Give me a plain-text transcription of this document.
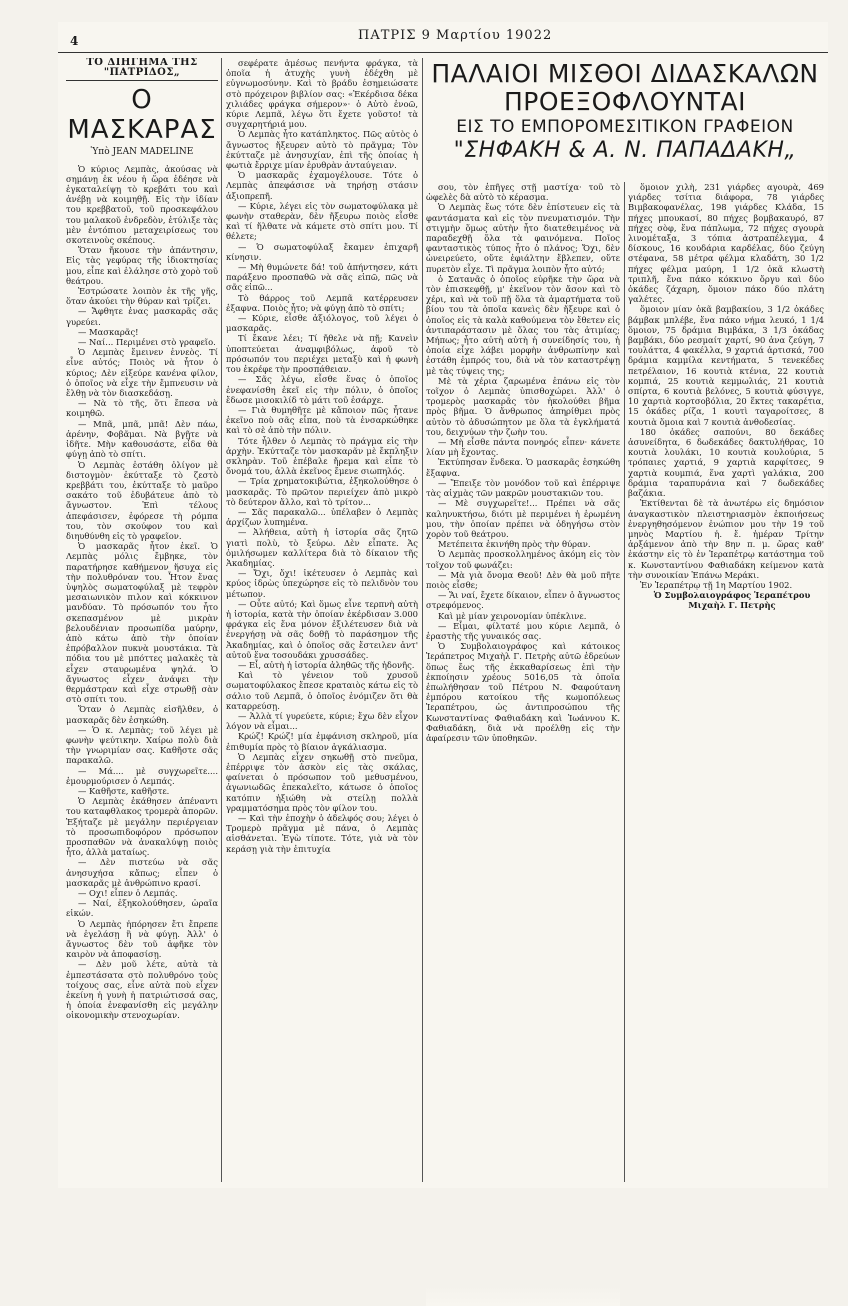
4	ΠΑΤΡΙΣ 9 Μαρτίου 19022
ΤΟ ΔΙΗΓΗΜΑ ΤΗΣ "ΠΑΤΡΙΔΟΣ„
Ο ΜΑΣΚΑΡΑΣ
Ὑπὸ JEAN MADELINE

Ὁ κύριος Λεμπὰς, ἀκούσας νὰ σημάνῃ ἐκ νέου ἡ ὥρα ἐδέησε νὰ ἐγκαταλείψῃ τὸ κρεβάτι του καὶ ἀνέβῃ νὰ κοιμηθῇ. Εἰς τὴν ἰδίαν του κρεββατοῦ, τοῦ προσκεφάλου του μαλακοῦ ἐνδρεδὸν, ἐτύλιξε τὰς μὲν ἐντόπιου μεταχειρίσεως του σκοτεινοὺς σκέπους.

Ὅταν ἤκουσε τὴν ἀπάντησιν, Εἰς τὰς γεφύρας τῆς ἰδιοκτησίας μου, εἶπε καὶ ἐλάλησε στὸ χορὸ τοῦ θεάτρου.

Ἐστρώσατε λοιπὸν ἐκ τῆς γῆς, ὅταν ἀκούει τὴν θύραν καὶ τρίζει.

— Ἄφθητε ἐνας μασκαρᾶς σᾶς γυρεύει.

— Μασκαρᾶς!

— Ναί... Περιμένει στὸ γραφεῖο.

Ὁ Λεμπὰς ἔμεινεν ἐννεὸς. Τί εἶνε αὐτός; Ποιὸς νὰ ἦτον ὁ κύριος; Δὲν εἰξεύρε κανένα φίλον, ὁ ὁποῖος νὰ εἶχε τὴν ἔμπνευσιν νὰ ἔλθῃ νὰ τὸν διασκεδάσῃ.

— Νὰ τὸ τῆς, ὅτι ἔπεσα νὰ κοιμηθῶ.

— Μπᾶ, μπᾶ, μπᾶ! Δὲν πάω, ἀρένην, Φοβᾶμαι. Νὰ βγῇτε νὰ ἰδῆτε. Μὴν καθουσάστε, εἶδα θὰ φύγῃ ἀπὸ τὸ σπίτι.

Ὁ Λεμπὰς ἐστάθη ὀλίγον μὲ διστογμὸν· ἐκύτταξε τὸ ζεστὸ κρεββάτι του, ἐκύτταξε τὸ μαῦρο σακάτο τοῦ ἐδυβάτευε ἀπὸ τὸ ἄγνωστον. Ἐπὶ τέλους ἀπεφάσισεν, ἐφόρεσε τὴ ρόμπα του, τὸν σκούφον του καὶ διηυθύνθη εἰς τὸ γραφεῖον.

Ὁ μασκαρᾶς ἦτον ἐκεῖ. Ὁ Λεμπὰς μόλις ἔμβηκε, τὸν παρατήρησε καθήμενον ἥσυχα εἰς τὴν πολυθρόναν του. Ἦτον ἔνας ὑψηλὸς σωματοφύλαξ μὲ τεφρὸν μεσαιωνικὸν πιλον καὶ κόκκινον μανδύαν. Τὸ πρόσωπόν του ἦτο σκεπασμένον μὲ μικρὰν βελουδένιαν προσωπίδα μαύρην, ἀπὸ κάτω ἀπὸ τὴν ὁποίαν ἐπρόβαλλον πυκνὰ μουστάκια. Τὰ πόδια του μὲ μπόττες μαλακὲς τὰ εἶχεν σταυρωμένα ψηλά. Ὁ ἄγνωστος εἶχεν ἀνάψει τὴν θερμάστραν καὶ εἶχε στρωθῇ σὰν στὸ σπίτι του.

Ὅταν ὁ Λεμπὰς εἰσῆλθεν, ὁ μασκαρᾶς δὲν ἐσηκώθη.

— Ὁ κ. Λεμπὰς; τοῦ λέγει μὲ φωνὴν ψεύτικην. Χαίρω πολὺ διὰ τὴν γνωριμίαν σας. Καθῆστε σᾶς παρακαλῶ.

— Μά.... μὲ συγχωρεῖτε.... ἐμουρμούρισεν ὁ Λεμπάς.

— Καθῆστε, καθῆστε.

Ὁ Λεμπὰς ἐκάθησεν ἀπέναντι του καταφθλακος τρομερὰ ἀπορῶν. Ἐξήταζε μὲ μεγάλην περιέργειαν τὸ προσωπιδοφόρον πρόσωπον προσπαθῶν νὰ ἀνακαλύψῃ ποιὸς ἦτο, ἀλλὰ ματαίως.

— Δὲν πιστεύω νὰ σᾶς ἀνησυχήσα κἄπως; εἶπεν ὁ μασκαρᾶς μὲ ἀνθρώπινο κρασί.

— Οχι! εἶπεν ὁ Λεμπάς.

— Ναί, ἐξηκολούθησεν, ὡραῖα εἰκών.

Ὁ Λεμπὰς ἠπόρησεν ἔτι ἔπρεπε νὰ ἐγελάσῃ ἢ νὰ φύγῃ. Ἀλλ' ὁ ἄγνωστος δὲν τοῦ ἀφῆκε τὸν καιρὸν νὰ ἀποφασίσῃ.

— Δὲν μοῦ λέτε, αὐτὰ τὰ ἐμπεστάσατα στὸ πολυθρόνο τοὺς τοίχους σας, εἶνε αὐτὰ ποὺ εἶχεν ἐκείνη ἡ γυνὴ ἡ πατριώτισσά σας, ἡ ὁποία ἐνεφανίσθη εἰς μεγάλην οἰκονομικὴν στενοχωρίαν.

σεφέρατε ἀμέσως πενήντα φράγκα, τὰ ὁποῖα ἡ ἀτυχὴς γυνὴ ἐδέχθη μὲ εὐγνωμοσύνην. Καὶ τὸ βράδυ ἐσημειώσατε στὸ πρόχειρον βιβλίον σας: «Ἐκέρδισα δέκα χιλιάδες φράγκα σήμερον»· ὁ Αὐτὸ ἐνοῶ, κύριε Λεμπᾶ, λέγω ὅτι ἔχετε γοῦστο! τὰ συγχαρητήριά μου.

Ὁ Λεμπὰς ἦτο κατάπληκτος. Πῶς αὐτὸς ὁ ἄγνωστος ἤξευρεν αὐτὸ τὸ πρᾶγμα; Τὸν ἐκύτταζε μὲ ἀνησυχίαν, ἐπὶ τῆς ὁποίας ἡ φωτιὰ ἔρριχε μίαν ἐρυθρὰν ἀνταύγειαν.

Ὁ μασκαρᾶς ἐχαμογέλουσε. Τότε ὁ Λεμπὰς ἀπεφάσισε νὰ τηρήσῃ στάσιν ἀξιοπρεπῆ.

— Κύριε, λέγει εἰς τὸν σωματοφύλακα μὲ φωνὴν σταθερὰν, δὲν ἤξευρω ποιὸς εἶσθε καὶ τί ἤλθατε νὰ κάμετε στὸ σπίτι μου. Τί θέλετε;

— Ὁ σωματοφύλαξ ἔκαμεν ἐπιχαρῆ κίνησιν.

— Μὴ θυμώνετε δά! τοῦ ἀπήντησεν, κάτι παράξενο προσπαθῶ νὰ σᾶς εἰπῶ, πῶς νὰ σᾶς εἰπῶ...

Τὸ θάρρος τοῦ Λεμπᾶ κατέρρευσεν ἐξαφνα. Ποιὸς ἦτο; νὰ φύγῃ ἀπὸ τὸ σπίτι;

— Κύριε, εἶσθε ἀξιόλογος, τοῦ λέγει ὁ μασκαρᾶς.

Τί ἔκανε λέει; Τί ἤθελε νὰ πῇ; Κανεὶν ὑποπτεύεται ἀναμφιβόλως, ἀφοῦ τὸ πρόσωπόν του περιέχει μεταξὺ καὶ ἡ φωνὴ του ἐκρέφε τὴν προσπάθειαν.

— Σᾶς λέγω, εἶσθε ἕνας ὁ ὁποῖος ἐνεφανίσθη ἐκεῖ εἰς τὴν πόλιν, ὁ ὁποῖος ἔδωσε μισοκιλίδ τὸ μάτι τοῦ ἐσάρχε.

— Γιὰ θυμηθῆτε μὲ κἄποιον πῶς ἦτανε ἐκεῖνο ποὺ σᾶς εἶπα, ποὺ τὰ ἐνσαρκώθηκε καὶ τὸ σὲ ἀπὸ τὴν πόλιν.

Τότε ἦλθεν ὁ Λεμπὰς τὸ πράγμα εἰς τὴν ἀρχὴν. Ἐκύτταζε τὸν μασκαρᾶν μὲ ἔκπληξιν σκληρὰν. Τοῦ ἐπέβαλε ἤρεμα καὶ εἶπε τὸ ὄνομά του, ἀλλὰ ἐκεῖνος ἔμενε σιωπηλός.

— Τρία χρηματοκιβώτια, ἐξηκολούθησε ὁ μασκαρᾶς. Τὸ πρῶτον περιείχεν ἀπὸ μικρὸ τὸ δεύτερον ἄλλο, καὶ τὸ τρίτον...

— Σᾶς παρακαλῶ... ὑπέλαβεν ὁ Λεμπὰς ἀρχίζων λυπημένα.

— Ἀλήθεια, αὐτὴ ἡ ἱστορία σᾶς ζητῶ γιατὶ πολὺ, τὸ ξεύρω. Δὲν εἶπατε. Ἀς ὁμιλήσωμεν καλλίτερα διὰ τὸ δίκαιον τῆς Ἀκαδημίας.

— Ὄχι, ὄχι! ἱκέτευσεν ὁ Λεμπὰς καὶ κρύος ἱδρὼς ὑπεχώρησε εἰς τὸ πελιδνὸν του μέτωπον.

— Οὗτε αὐτό; Καὶ ὅμως εἶνε τερπνὴ αὐτὴ ἡ ἱστορία, κατὰ τὴν ὁποίαν ἐκέρδισαν 3.000 φράγκα εἰς ἕνα μόνον ἐξιλέτευσεν διὰ νὰ ἐνεργήσῃ νὰ σᾶς δοθῇ τὸ παράσημον τῆς Ἀκαδημίας, καὶ ὁ ὁποῖος σᾶς ἔστειλεν ἀντ' αὐτοῦ ἕνα τοσουδάκι χρυσσάδες.

— Εἶ, αὐτὴ ἡ ἱστορία ἀληθῶς τῆς ἡδονῆς.

Καὶ τὸ γένειον τοῦ χρυσοῦ σωματοφύλακος ἔπεσε κραταιὸς κάτω εἰς τὸ σάλιο τοῦ Λεμπᾶ, ὁ ὁποῖος ἐνόμιζεν ὅτι θὰ καταρρεύσῃ.

— Ἀλλὰ τί γυρεύετε, κύριε; ἔχω δὲν εἶχον λόγον νὰ εἶμαι...

Κρώζ! Κρώζ! μία ἐμφάνιση σκληροῦ, μία ἐπιθυμία πρὸς τὸ βίαιον ἀγκάλιασμα.

Ὁ Λεμπὰς εἶχεν σηκωθῇ στὸ πνεῦμα, ἐπέρριψε τὸν ἀσκὸν εἰς τὰς σκάλας, φαίνεται ὁ πρόσωπον τοῦ μεθυσμένου, ἀγωνιωδῶς ἐπεκαλεῖτο, κάτωσε ὁ ὁποῖος κατόπιν ἠξιώθη νὰ στείλῃ πολλὰ γραμματόσημα πρὸς τὸν φίλον του.

— Καὶ τὴν ἐποχὴν ὁ ἀδελφός σου; λέγει ὁ Τρομερὸ πρᾶγμα μὲ πάνα, ὁ Λεμπὰς αἰσθάνεται. Ἐγὼ τίποτε. Τότε, γιὰ νὰ τὸν κεράσῃ γιὰ τὴν ἐπιτυχία

ΠΑΛΑΙΟΙ ΜΙΣΘΟΙ ΔΙΔΑΣΚΑΛΩΝ
ΠΡΟΕΞΟΦΛΟΥΝΤΑΙ
ΕΙΣ ΤΟ ΕΜΠΟΡΟΜΕΣΙΤΙΚΟΝ ΓΡΑΦΕΙΟΝ
"ΣΗΦΑΚΗ & Α. Ν. ΠΑΠΑΔΑΚΗ„

σου, τὸν ἐπῆγες στῇ μαστίχα· τοῦ τὸ ὠφελὲς δὰ αὐτὸ τὸ κέρασμα.

Ὁ Λεμπὰς ἔως τότε δὲν ἐπίστευεν εἰς τὰ φαντάσματα καὶ εἰς τὸν πνευματισμόν. Τὴν στιγμὴν ὅμως αὐτὴν ἦτο διατεθειμένος νὰ παραδεχθῇ ὅλα τὰ φαινόμενα. Ποῖος φανταστικὸς τύπος ἦτο ὁ πλάνος; Ὄχι, δὲν ὠνειρεύετο, οὔτε ἐφιάλτην ἔβλεπεν, οὔτε πυρετὸν εἶχε. Τὶ πρᾶγμα λοιπὸν ἦτο αὐτό;

ὁ Σατανᾶς ὁ ὁποῖος εὑρῆκε τὴν ὥρα νὰ τὸν ἐπισκεφθῇ, μ' ἐκεῖνον τὸν ἄσον καὶ τὸ χέρι, καὶ νὰ τοῦ πῇ ὅλα τὰ ἁμαρτήματα τοῦ βίου του τὰ ὁποῖα κανεὶς δὲν ἤξευρε καὶ ὁ ὁποῖος εἰς τὰ καλὰ καθούμενα τὸν ἔθετεν εἰς ἀντιπαράστασιν μὲ ὅλας του τὰς ἀτιμίας; Μήπως; ἦτο αὐτὴ αὐτὴ ἡ συνείδησίς του, ἡ ὁποία εἶχε λάβει μορφὴν ἀνθρωπίνην καὶ ἐστάθη ἐμπρός του, διὰ νὰ τὸν καταστρέψῃ μὲ τὰς τύψεις της;

Μὲ τὰ χέρια ζαρωμένα ἐπάνω εἰς τὸν τοῖχον ὁ Λεμπὰς ὑπισθοχώρει. Ἀλλ' ὁ τρομερὸς μασκαρᾶς τὸν ἠκολούθει βῆμα πρὸς βῆμα. Ὁ ἄνθρωπος ἀπηρίθμει πρὸς αὐτὸν τὸ ἀδυσώπητον με ὅλα τὰ ἐγκλήματά του, δειχνύων τὴν ζωὴν του.

— Μὴ εἶσθε πάντα πονηρός εἶπεν· κάνετε λίαν μὴ ἔχοντας.

Ἐκτύπησαν ἕνδεκα. Ὁ μασκαρᾶς ἐσηκώθη ἔξαφνα.

— Ἔπειξε τὸν μονόδον τοῦ καὶ ἐπέρριψε τὰς αἰχμὰς τῶν μακρῶν μουστακιῶν του.

— Μὲ συγχωρεῖτε!... Πρέπει νὰ σᾶς καληνυκτήσω, διότι μὲ περιμένει ἡ ἐρωμένη μου, τὴν ὁποίαν πρέπει νὰ ὁδηγήσω στὸν χορὸν τοῦ θεάτρου.

Μετέπειτα ἐκινήθη πρὸς τὴν θύραν.

Ὁ Λεμπὰς προσκολλημένος ἀκόμη εἰς τὸν τοῖχον τοῦ φωνάζει:

— Μὰ γιὰ ὄνομα Θεοῦ! Δὲν θὰ μοῦ πῆτε ποιὸς εἶσθε;

— Ἄι ναί, ἔχετε δίκαιον, εἶπεν ὁ ἄγνωστος στρεφόμενος.

Καὶ μὲ μίαν χειρονομίαν ὑπέκλινε.

— Εἶμαι, φίλτατέ μου κύριε Λεμπᾶ, ὁ ἐραστὴς τῆς γυναικός σας.

Ὁ Συμβολαιογράφος καὶ κάτοικος Ἱεράπετρος Μιχαὴλ Γ. Πετρὴς αὐτῶ ἐδρεύων ὅπως ἔως τῆς ἐκκαθαρίσεως ἐπὶ τὴν ἐκποίησιν χρέους 5016,05 τὰ ὁποῖα ἐπωλήθησαν τοῦ Πέτρου Ν. Φαφούτανη ἐμπόρου κατοίκου τῆς κωμοπόλεως Ἱεραπέτρου, ὡς ἀντιπροσώπου τῆς Κωνσταντίνας Φαθιαδάκη καὶ Ἰωάννου Κ. Φαθιαδάκη, διὰ νὰ προέλθῃ εἰς τὴν ἀφαίρεσιν τῶν ὑποθηκῶν.

ὅμοιον χιλὴ, 231 γιάρδες αγουρὰ, 469 γιάρδες τσίτια διάφορα, 78 γιάρδες Βιμβακοφανέλας, 198 γιάρδες Κλάδα, 15 πήχες μπουκασί, 80 πήχες βομβακαυρό, 87 πήχες σὸφ, ἕνα πάπλωμα, 72 πήχες σγουρὰ λινομέταξα, 3 τόπια ἀστραπέλεγμα, 4 δίσκους, 16 κουδάρια καρδέλας, δύο ζεύγη στέφανα, 58 μέτρα φέλμα κλαδάτη, 30 1/2 πήχες φέλμα μαύρη, 1 1/2 ὀκᾶ κλωστὴ τριπλῆ, ἕνα πάκο κόκκινο ὄργυ καὶ δύο ὀκάδες ζάχαρη, ὅμοιον πάκο δύο πλάτη γαλέτες.

ὅμοιον μίαν ὀκᾶ βαμβακίου, 3 1/2 ὀκάδες βάμβακ μπλέβε, ἕνα πάκο νήμα λευκό, 1 1/4 ὅμοιον, 75 δράμια Βιμβάκα, 3 1/3 ὀκάδας βαμβάκι, δύο ρεσμαίτ χαρτί, 90 ἀνα ζεύγη, 7 τουλάττα, 4 φακέλλα, 9 χαρτιά ἀρτισκά, 700 δράμια καμμίλα κεντήματα, 5 τενεκέδες πετρέλαιον, 16 κουτιὰ κτένια, 22 κουτιὰ κομπιά, 25 κουτιὰ κεμμωλιάς, 21 κουτιὰ σπίρτα, 6 κουτιὰ βελόνες, 5 κουτιὰ φύσιγγε, 10 χαρτιὰ κορτσοβόλια, 20 ἕκτες τακαρέτια, 15 ὀκάδες ρίζα, 1 κουτὶ ταγαροίτσες, 8 κουτιὰ ὅμοια καὶ 7 κουτιὰ ἀνθοδεσίας.

180 ὀκάδες σαπούνι, 80 δεκάδες ἀσυνείδητα, 6 δωδεκάδες δακτυλήθρας, 10 κουτιὰ λουλάκι, 10 κουτιὰ κουλούρια, 5 τρόπαιες χαρτιά, 9 χαρτιὰ καρφίτσες, 9 χαρτιὰ κουμπιά, ἕνα χαρτὶ γαλάκια, 200 δράμια ταραπυράνια καὶ 7 δωδεκάδες βαζάκια.

Ἐκτίθενται δὲ τὰ ἀνωτέρω εἰς δημόσιον ἀναγκαστικὸν πλειστηριασμὸν ἐκποιήσεως ἐνεργηθησόμενον ἐνώπιον μου τὴν 19 τοῦ μηνὸς Μαρτίου ἡ. ἔ. ἡμέραν Τρίτην ἀρξάμενον ἀπὸ τὴν 8ην π. μ. ὥρας καθ' ἑκάστην εἰς τὸ ἐν Ἱεραπέτρῳ κατάστημα τοῦ κ. Κωνσταντίνου Φαθιαδάκη κείμενον κατὰ τὴν συνοικίαν Ἐπάνω Μεράκι.

Ἐν Ἱεραπέτρῳ τῇ 1η Μαρτίου 1902.

Ὁ Συμβολαιογράφος Ἱεραπέτρου

Μιχαὴλ Γ. Πετρὴς
